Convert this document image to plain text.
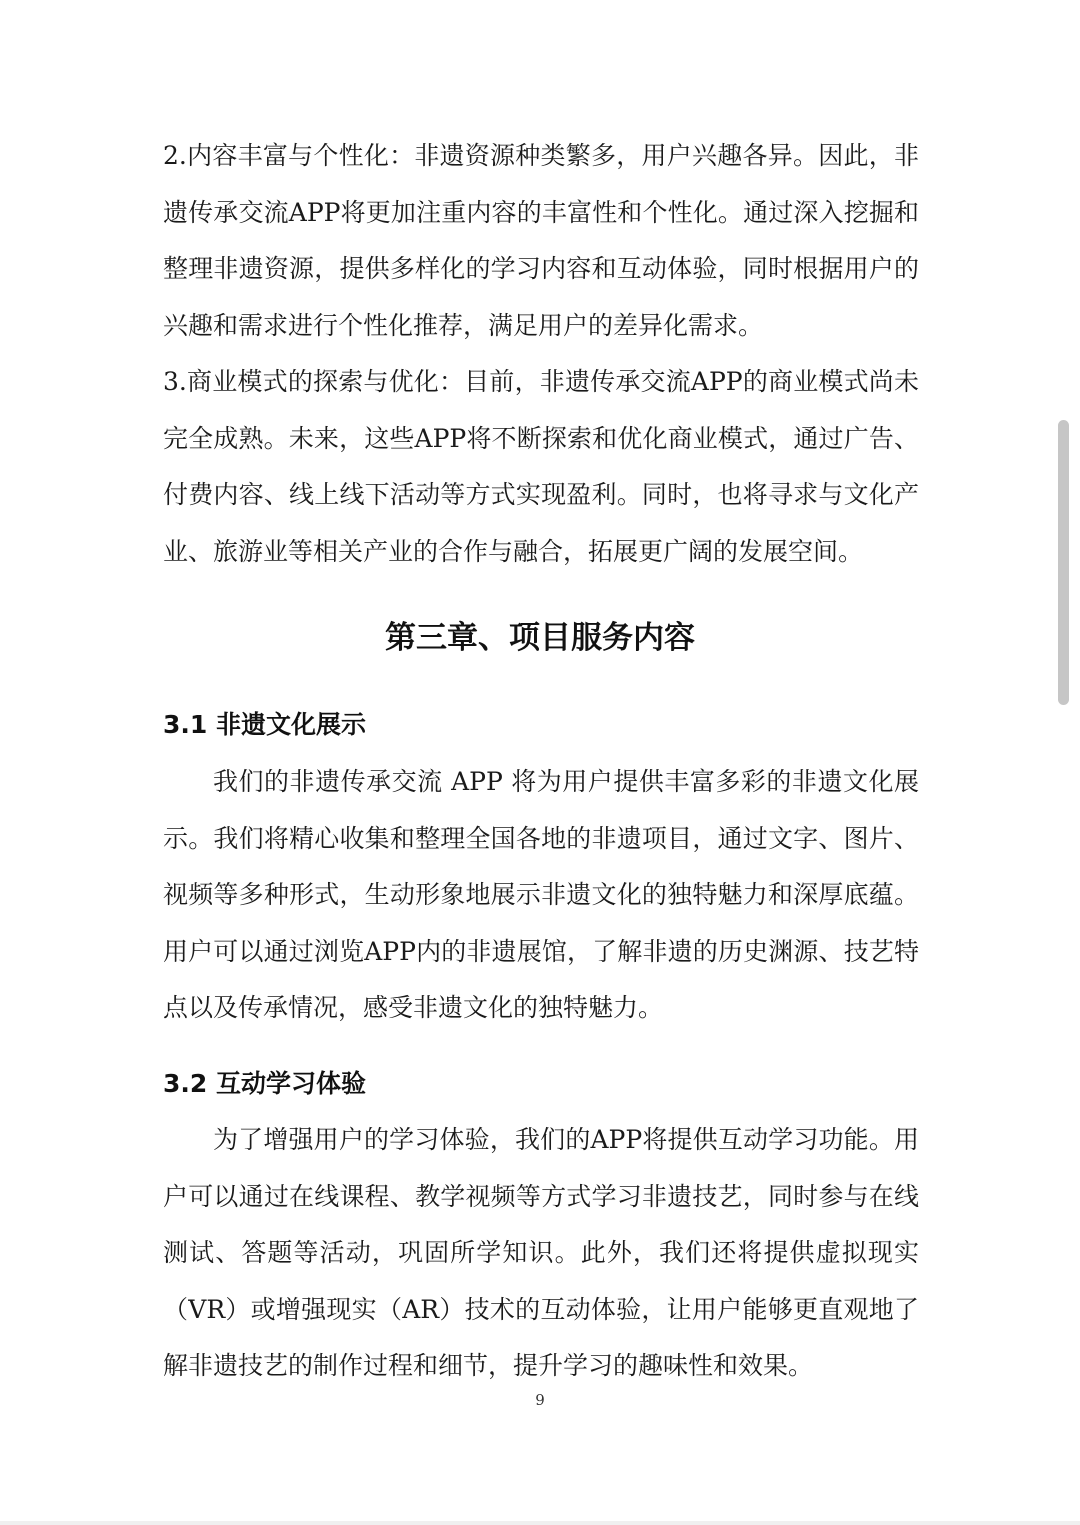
2.内容丰富与个性化：非遗资源种类繁多，用户兴趣各异。因此，非遗传承交流APP将更加注重内容的丰富性和个性化。通过深入挖掘和整理非遗资源，提供多样化的学习内容和互动体验，同时根据用户的兴趣和需求进行个性化推荐，满足用户的差异化需求。

3.商业模式的探索与优化：目前，非遗传承交流APP的商业模式尚未完全成熟。未来，这些APP将不断探索和优化商业模式，通过广告、付费内容、线上线下活动等方式实现盈利。同时，也将寻求与文化产业、旅游业等相关产业的合作与融合，拓展更广阔的发展空间。

第三章、项目服务内容
3.1 非遗文化展示

我们的非遗传承交流 APP 将为用户提供丰富多彩的非遗文化展示。我们将精心收集和整理全国各地的非遗项目，通过文字、图片、视频等多种形式，生动形象地展示非遗文化的独特魅力和深厚底蕴。用户可以通过浏览APP内的非遗展馆，了解非遗的历史渊源、技艺特点以及传承情况，感受非遗文化的独特魅力。

3.2 互动学习体验

为了增强用户的学习体验，我们的APP将提供互动学习功能。用户可以通过在线课程、教学视频等方式学习非遗技艺，同时参与在线测试、答题等活动，巩固所学知识。此外，我们还将提供虚拟现实（VR）或增强现实（AR）技术的互动体验，让用户能够更直观地了解非遗技艺的制作过程和细节，提升学习的趣味性和效果。

9
